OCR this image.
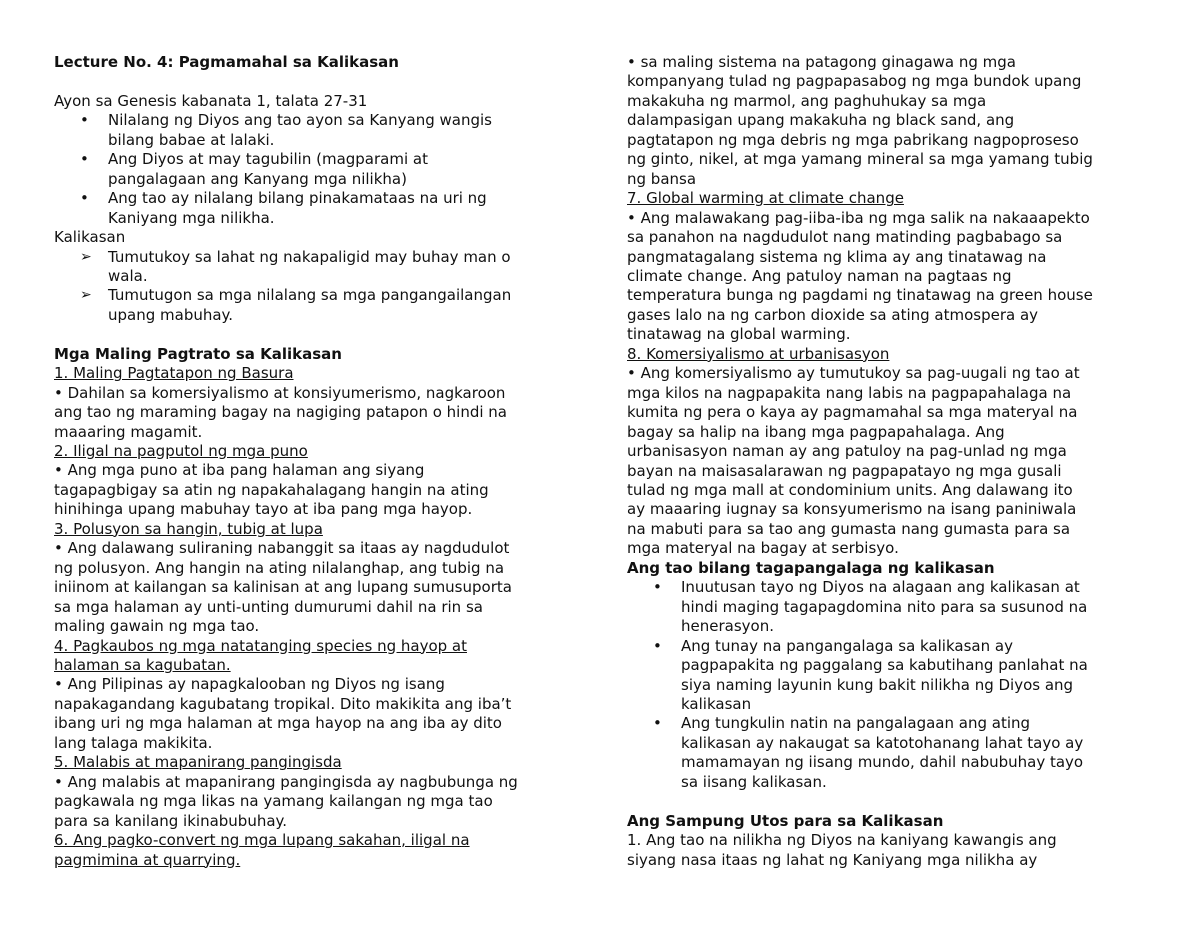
Lecture No. 4: Pagmamahal sa Kalikasan
Ayon sa Genesis kabanata 1, talata 27-31
• Nilalang ng Diyos ang tao ayon sa Kanyang wangis
bilang babae at lalaki.
• Ang Diyos at may tagubilin (magparami at
pangalagaan ang Kanyang mga nilikha)
• Ang tao ay nilalang bilang pinakamataas na uri ng
Kaniyang mga nilikha.
Kalikasan
➢ Tumutukoy sa lahat ng nakapaligid may buhay man o
wala.
➢ Tumutugon sa mga nilalang sa mga pangangailangan
upang mabuhay.
Mga Maling Pagtrato sa Kalikasan
1. Maling Pagtatapon ng Basura
• Dahilan sa komersiyalismo at konsiyumerismo, nagkaroon
ang tao ng maraming bagay na nagiging patapon o hindi na
maaaring magamit.
2. Iligal na pagputol ng mga puno
• Ang mga puno at iba pang halaman ang siyang
tagapagbigay sa atin ng napakahalagang hangin na ating
hinihinga upang mabuhay tayo at iba pang mga hayop.
3. Polusyon sa hangin, tubig at lupa
• Ang dalawang suliraning nabanggit sa itaas ay nagdudulot
ng polusyon. Ang hangin na ating nilalanghap, ang tubig na
iniinom at kailangan sa kalinisan at ang lupang sumusuporta
sa mga halaman ay unti-unting dumurumi dahil na rin sa
maling gawain ng mga tao.
4. Pagkaubos ng mga natatanging species ng hayop at
halaman sa kagubatan.
• Ang Pilipinas ay napagkalooban ng Diyos ng isang
napakagandang kagubatang tropikal. Dito makikita ang iba’t
ibang uri ng mga halaman at mga hayop na ang iba ay dito
lang talaga makikita.
5. Malabis at mapanirang pangingisda
• Ang malabis at mapanirang pangingisda ay nagbubunga ng
pagkawala ng mga likas na yamang kailangan ng mga tao
para sa kanilang ikinabubuhay.
6. Ang pagko-convert ng mga lupang sakahan, iligal na
pagmimina at quarrying.
• sa maling sistema na patagong ginagawa ng mga
kompanyang tulad ng pagpapasabog ng mga bundok upang
makakuha ng marmol, ang paghuhukay sa mga
dalampasigan upang makakuha ng black sand, ang
pagtatapon ng mga debris ng mga pabrikang nagpoproseso
ng ginto, nikel, at mga yamang mineral sa mga yamang tubig
ng bansa
7. Global warming at climate change
• Ang malawakang pag-iiba-iba ng mga salik na nakaaapekto
sa panahon na nagdudulot nang matinding pagbabago sa
pangmatagalang sistema ng klima ay ang tinatawag na
climate change. Ang patuloy naman na pagtaas ng
temperatura bunga ng pagdami ng tinatawag na green house
gases lalo na ng carbon dioxide sa ating atmospera ay
tinatawag na global warming.
8. Komersiyalismo at urbanisasyon
• Ang komersiyalismo ay tumutukoy sa pag-uugali ng tao at
mga kilos na nagpapakita nang labis na pagpapahalaga na
kumita ng pera o kaya ay pagmamahal sa mga materyal na
bagay sa halip na ibang mga pagpapahalaga. Ang
urbanisasyon naman ay ang patuloy na pag-unlad ng mga
bayan na maisasalarawan ng pagpapatayo ng mga gusali
tulad ng mga mall at condominium units. Ang dalawang ito
ay maaaring iugnay sa konsyumerismo na isang paniniwala
na mabuti para sa tao ang gumasta nang gumasta para sa
mga materyal na bagay at serbisyo.
Ang tao bilang tagapangalaga ng kalikasan
• Inuutusan tayo ng Diyos na alagaan ang kalikasan at
hindi maging tagapagdomina nito para sa susunod na
henerasyon.
• Ang tunay na pangangalaga sa kalikasan ay
pagpapakita ng paggalang sa kabutihang panlahat na
siya naming layunin kung bakit nilikha ng Diyos ang
kalikasan
• Ang tungkulin natin na pangalagaan ang ating
kalikasan ay nakaugat sa katotohanang lahat tayo ay
mamamayan ng iisang mundo, dahil nabubuhay tayo
sa iisang kalikasan.
Ang Sampung Utos para sa Kalikasan
1. Ang tao na nilikha ng Diyos na kaniyang kawangis ang
siyang nasa itaas ng lahat ng Kaniyang mga nilikha ay
